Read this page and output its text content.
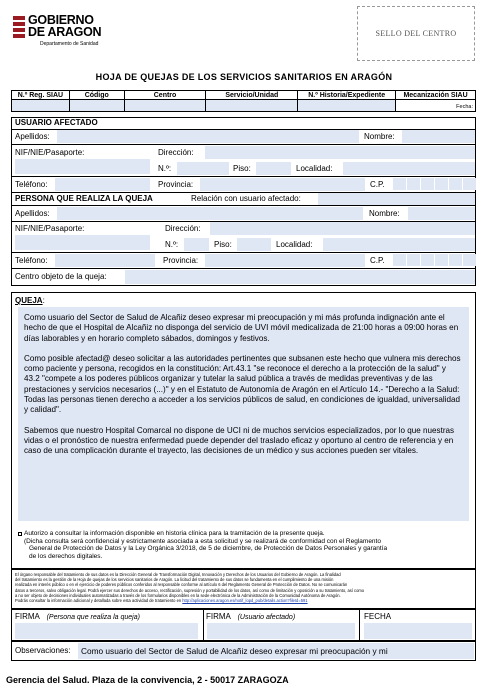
GOBIERNO
DE ARAGON
Departamento de Sanidad
SELLO DEL CENTRO
HOJA DE QUEJAS DE LOS SERVICIOS SANITARIOS EN ARAGÓN
N.º Reg. SIAU	Código	Centro	Servicio/Unidad	N.º Historia/Expediente	Mecanización SIAU
					Fecha:
USUARIO AFECTADO
Apellidos:	Nombre:
NIF/NIE/Pasaporte:	Dirección:
N.º:	Piso:	Localidad:
Teléfono:	Provincia:	C.P.
PERSONA QUE REALIZA LA QUEJA	Relación con usuario afectado:
Apellidos:	Nombre:
NIF/NIE/Pasaporte:	Dirección:
N.º:	Piso:	Localidad:
Teléfono:	Provincia:	C.P.
Centro objeto de la queja:
QUEJA:

Como usuario del Sector de Salud de Alcañiz deseo expresar mi preocupación y mi más profunda indignación ante el hecho de que el Hospital de Alcañiz no disponga del servicio de UVI móvil medicalizada de 21:00 horas a 09:00 horas en días laborables y en horario completo sábados, domingos y festivos.

Como posible afectad@ deseo solicitar a las autoridades pertinentes que subsanen este hecho que vulnera mis derechos como paciente y persona, recogidos en la constitución: Art.43.1 "se reconoce el derecho a la protección de la salud" y 43.2 "compete a los poderes públicos organizar y tutelar la salud pública a través de medidas preventivas y de las prestaciones y servicios necesarios (...)" y en el Estatuto de Autonomía de Aragón en el Artículo 14.- "Derecho a la Salud: Todas las personas tienen derecho a acceder a los servicios públicos de salud, en condiciones de igualdad, universalidad y calidad".

Sabemos que nuestro Hospital Comarcal no dispone de UCI ni de muchos servicios especializados, por lo que nuestras vidas o el pronóstico de nuestra enfermedad puede depender del traslado eficaz y oportuno al centro de referencia y en caso de una complicación durante el trayecto, las decisiones de un médico y sus acciones pueden ser vitales.

Autorizo a consultar la información disponible en historia clínica para la tramitación de la presente queja.
(Dicha consulta será confidencial y estrictamente asociada a esta solicitud y se realizará de conformidad con el Reglamento
General de Protección de Datos y la Ley Orgánica 3/2018, de 5 de diciembre, de Protección de Datos Personales y garantía
de los derechos digitales.
El órgano responsable del tratamiento de sus datos es la Dirección General de Transformación Digital, Innovación y Derechos de los Usuarios del Gobierno de Aragón. La finalidad
del tratamiento es la gestión de la Hoja de quejas de los servicios sanitarios de Aragón. La licitud del tratamiento de sus datos se fundamenta en el cumplimiento de una misión
realizada en interés público o en el ejercicio de poderes públicos conferidos al responsable conforme al artículo 6 del Reglamento General de Protección de Datos. No se comunicarán
datos a terceros, salvo obligación legal. Podrá ejercer sus derechos de acceso, rectificación, supresión y portabilidad de los datos, así como de limitación y oposición a su tratamiento, así como
a no ser objeto de decisiones individuales automatizadas a través de los formularios disponibles en la sede electrónica de la Administración de la Comunidad Autónoma de Aragón.
Podrás consultar la información adicional y detallada sobre esta actividad de tratamiento en http://aplicaciones.aragon.es/notif_lopd_pub/details.action?fileId=591
FIRMA (Persona que realiza la queja)	FIRMA (Usuario afectado)	FECHA
Observaciones:	Como usuario del Sector de Salud de Alcañiz deseo expresar mi preocupación y mi
Gerencia del Salud. Plaza de la convivencia, 2 - 50017 ZARAGOZA
